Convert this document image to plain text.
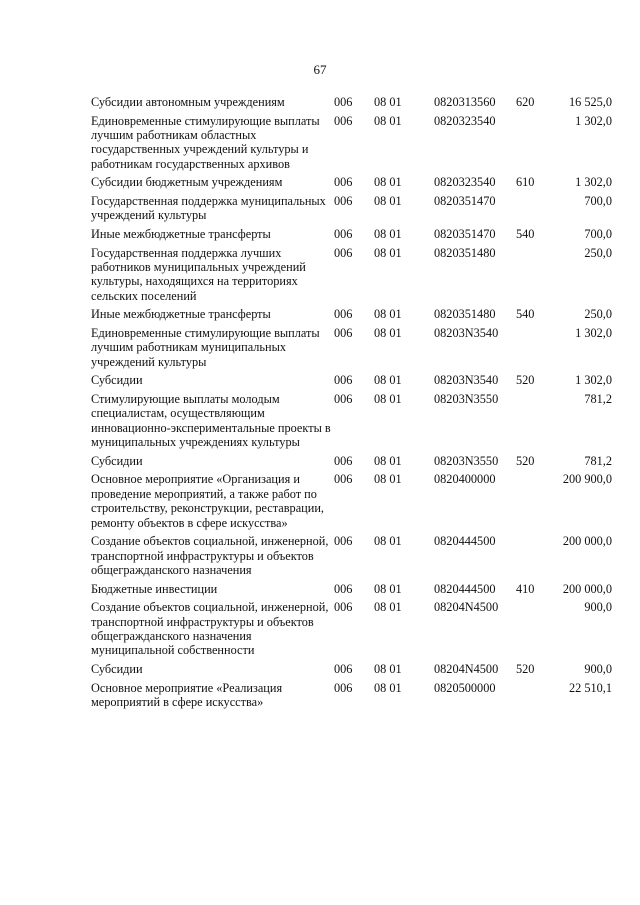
67
Субсидии автономным учреждениям	006	08 01	0820313560	620	16 525,0
Единовременные стимулирующие выплаты лучшим работникам областных государственных учреждений культуры и работникам государственных архивов	006	08 01	0820323540		1 302,0
Субсидии бюджетным учреждениям	006	08 01	0820323540	610	1 302,0
Государственная поддержка муниципальных учреждений культуры	006	08 01	0820351470		700,0
Иные межбюджетные трансферты	006	08 01	0820351470	540	700,0
Государственная поддержка лучших работников муниципальных учреждений культуры, находящихся на территориях сельских поселений	006	08 01	0820351480		250,0
Иные межбюджетные трансферты	006	08 01	0820351480	540	250,0
Единовременные стимулирующие выплаты лучшим работникам муниципальных учреждений культуры	006	08 01	08203N3540		1 302,0
Субсидии	006	08 01	08203N3540	520	1 302,0
Стимулирующие выплаты молодым специалистам, осуществляющим инновационно-экспериментальные проекты в муниципальных учреждениях культуры	006	08 01	08203N3550		781,2
Субсидии	006	08 01	08203N3550	520	781,2
Основное мероприятие «Организация и проведение мероприятий, а также работ по строительству, реконструкции, реставрации, ремонту объектов в сфере искусства»	006	08 01	0820400000		200 900,0
Создание объектов социальной, инженерной, транспортной инфраструктуры и объектов общегражданского назначения	006	08 01	0820444500		200 000,0
Бюджетные инвестиции	006	08 01	0820444500	410	200 000,0
Создание объектов социальной, инженерной, транспортной инфраструктуры и объектов общегражданского назначения муниципальной собственности	006	08 01	08204N4500		900,0
Субсидии	006	08 01	08204N4500	520	900,0
Основное мероприятие «Реализация мероприятий в сфере искусства»	006	08 01	0820500000		22 510,1
